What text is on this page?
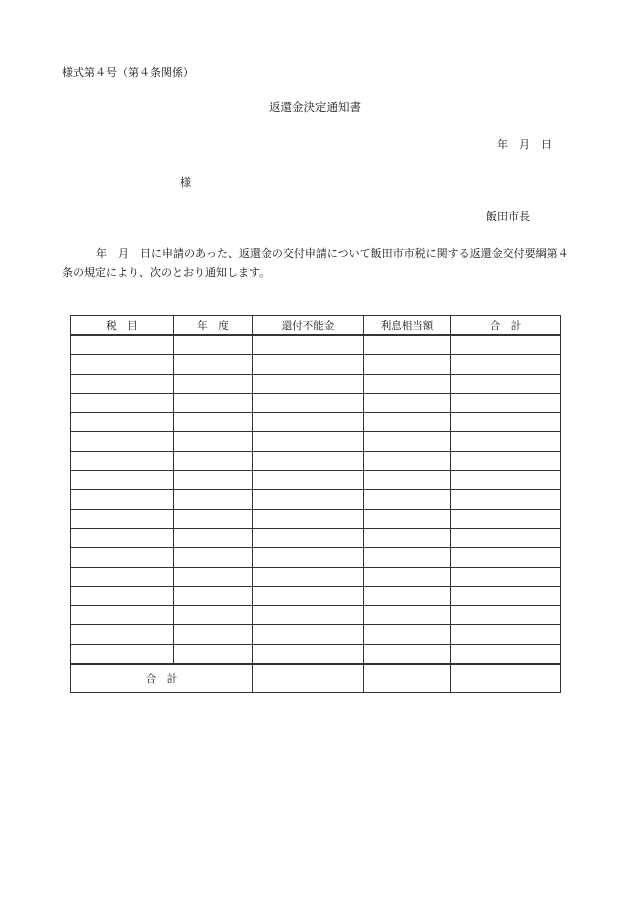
様式第４号（第４条関係）
返還金決定通知書
年　月　日
様
飯田市長
年　月　日に申請のあった、返還金の交付申請について飯田市市税に関する返還金交付要綱第４条の規定により、次のとおり通知します。
税　目	年　度	還付不能金	利息相当額	合　計

合　計				
